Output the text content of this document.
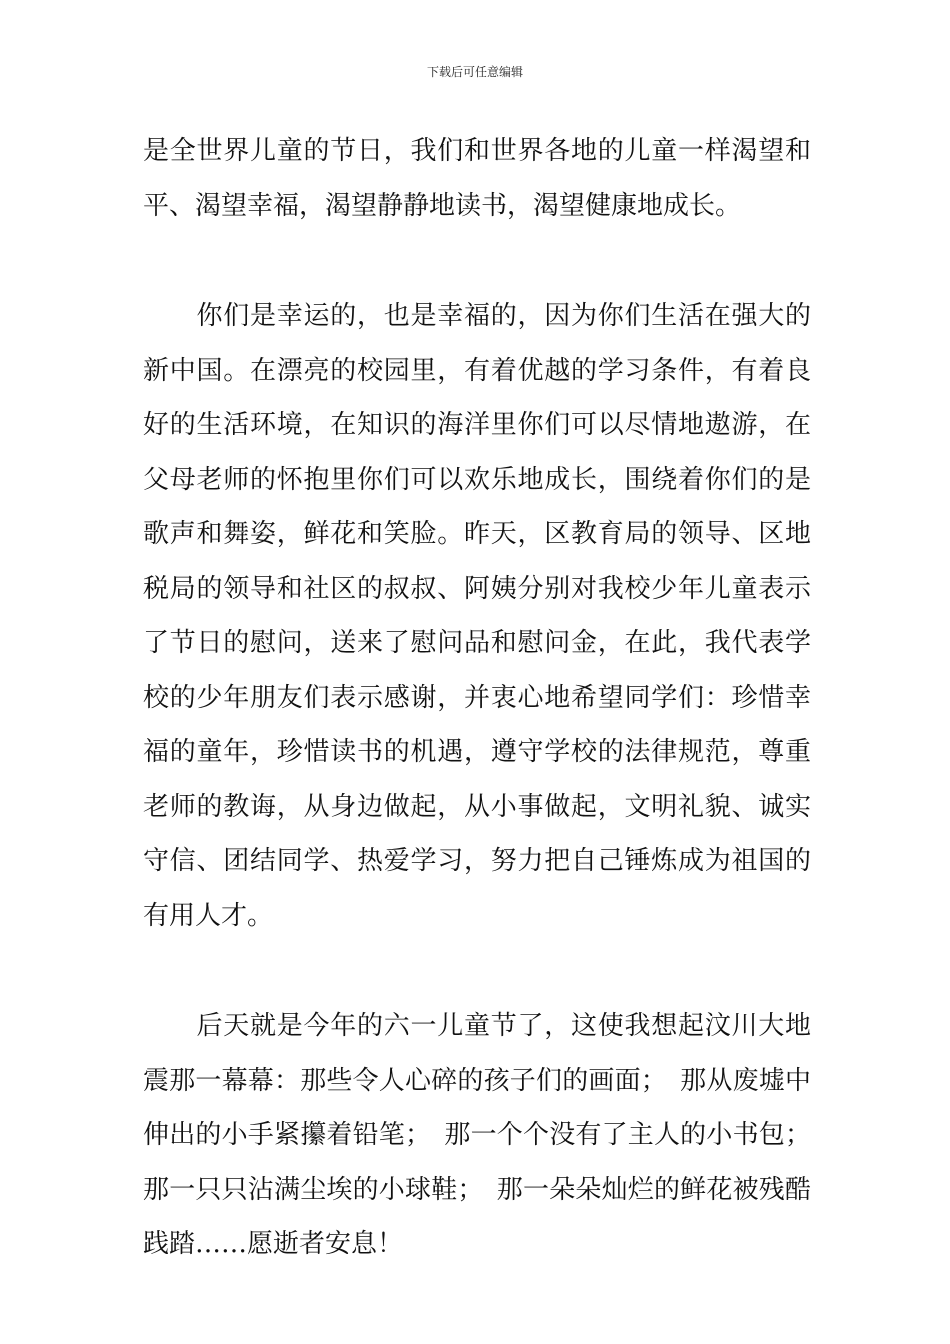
下载后可任意编辑
是全世界儿童的节日，我们和世界各地的儿童一样渴望和
平、渴望幸福，渴望静静地读书，渴望健康地成长。
　　你们是幸运的，也是幸福的，因为你们生活在强大的
新中国。在漂亮的校园里，有着优越的学习条件，有着良
好的生活环境，在知识的海洋里你们可以尽情地遨游，在
父母老师的怀抱里你们可以欢乐地成长，围绕着你们的是
歌声和舞姿，鲜花和笑脸。昨天，区教育局的领导、区地
税局的领导和社区的叔叔、阿姨分别对我校少年儿童表示
了节日的慰问，送来了慰问品和慰问金，在此，我代表学
校的少年朋友们表示感谢，并衷心地希望同学们：珍惜幸
福的童年，珍惜读书的机遇，遵守学校的法律规范，尊重
老师的教诲，从身边做起，从小事做起，文明礼貌、诚实
守信、团结同学、热爱学习，努力把自己锤炼成为祖国的
有用人才。
　　后天就是今年的六一儿童节了，这使我想起汶川大地
震那一幕幕：那些令人心碎的孩子们的画面；　那从废墟中
伸出的小手紧攥着铅笔；　那一个个没有了主人的小书包；
那一只只沾满尘埃的小球鞋；　那一朵朵灿烂的鲜花被残酷
践踏……愿逝者安息！
